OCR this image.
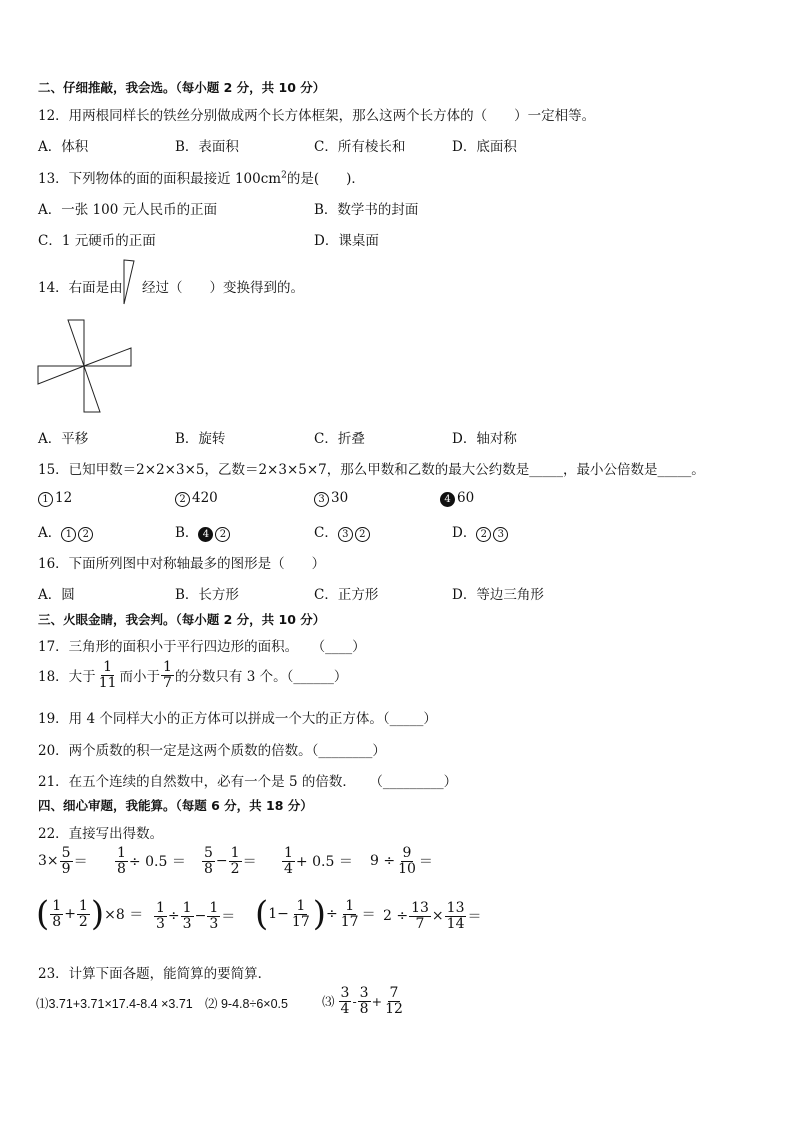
二、仔细推敲，我会选。（每小题 2 分，共 10 分）
12．用两根同样长的铁丝分别做成两个长方体框架，那么这两个长方体的（　　）一定相等。
A．体积	B．表面积	C．所有棱长和	D．底面积
13．下列物体的面的面积最接近 $100cm^2$的是(　　)．
A．一张 100 元人民币的正面	B．数学书的封面
C．1 元硬币的正面	D．课桌面
14．右面是由 经过（　　）变换得到的。
A．平移	B．旋转	C．折叠	D．轴对称
15．已知甲数＝2×2×3×5，乙数＝2×3×5×7，那么甲数和乙数的最大公约数是_____，最小公倍数是_____。
1 12	2 420	3 30	4 60
A． 1 2	B． 4 2	C． 3 2	D． 2 3
16．下面所列图中对称轴最多的图形是（　　）
A．圆	B．长方形	C．正方形	D．等边三角形
三、火眼金睛，我会判。（每小题 2 分，共 10 分）
17．三角形的面积小于平行四边形的面积。　　（____）
18．大于 $\frac{1}{11}$ 而小于 $\frac{1}{7}$ 的分数只有 3 个。（______）
19．用 4 个同样大小的正方体可以拼成一个大的正方体。（_____）
20．两个质数的积一定是这两个质数的倍数。（________）
21．在五个连续的自然数中，必有一个是 5 的倍数．　　（_________）
四、细心审题，我能算。（每题 6 分，共 18 分）
22．直接写出得数。
$3\times \frac{5}{9} = \frac{1}{8} \div 0.5 = \frac{5}{8} - \frac{1}{2} = \frac{1}{4} + 0.5 = 9 \div \frac{9}{10}$ ＝
( $\frac{1}{8} + \frac{1}{2}$ ) $\times 8 = \frac{1}{3} \div \frac{1}{3} - \frac{1}{3}$ ＝ ( $1- \frac{1}{17}$ ) ÷ $\frac{1}{17} = 2 \div \frac{13}{7} \times \frac{13}{14}$ ＝
23．计算下面各题，能简算的要简算．
⑴3.71+3.71×17.4-8.4 ×3.71 ⑵ 9-4.8÷6×0.5	⑶ $\frac{3}{4} - \frac{3}{8} + \frac{7}{12}$
